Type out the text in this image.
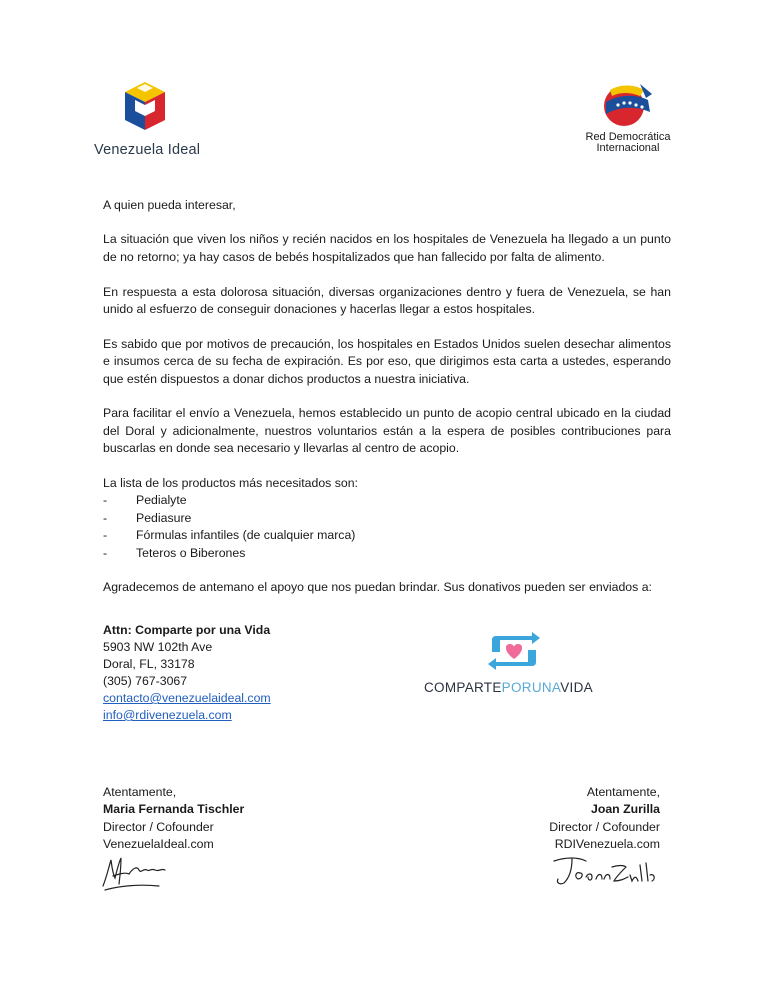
Venezuela Ideal
Red Democrática
Internacional

A quien pueda interesar,

La situación que viven los niños y recién nacidos en los hospitales de Venezuela ha llegado a un punto de no retorno; ya hay casos de bebés hospitalizados que han fallecido por falta de alimento.

En respuesta a esta dolorosa situación, diversas organizaciones dentro y fuera de Venezuela, se han unido al esfuerzo de conseguir donaciones y hacerlas llegar a estos hospitales.

Es sabido que por motivos de precaución, los hospitales en Estados Unidos suelen desechar alimentos e insumos cerca de su fecha de expiración. Es por eso, que dirigimos esta carta a ustedes, esperando que estén dispuestos a donar dichos productos a nuestra iniciativa.

Para facilitar el envío a Venezuela, hemos establecido un punto de acopio central ubicado en la ciudad del Doral y adicionalmente, nuestros voluntarios están a la espera de posibles contribuciones para buscarlas en donde sea necesario y llevarlas al centro de acopio.

La lista de los productos más necesitados son:

-	Pedialyte
-	Pediasure
-	Fórmulas infantiles (de cualquier marca)
-	Teteros o Biberones

Agradecemos de antemano el apoyo que nos puedan brindar. Sus donativos pueden ser enviados a:

Attn: Comparte por una Vida
5903 NW 102th Ave
Doral, FL, 33178
(305) 767-3067
contacto@venezuelaideal.com
info@rdivenezuela.com
COMPARTEPORUNAVIDA
Atentamente,
Maria Fernanda Tischler
Director / Cofounder
VenezuelaIdeal.com
Atentamente,
Joan Zurilla
Director / Cofounder
RDIVenezuela.com
